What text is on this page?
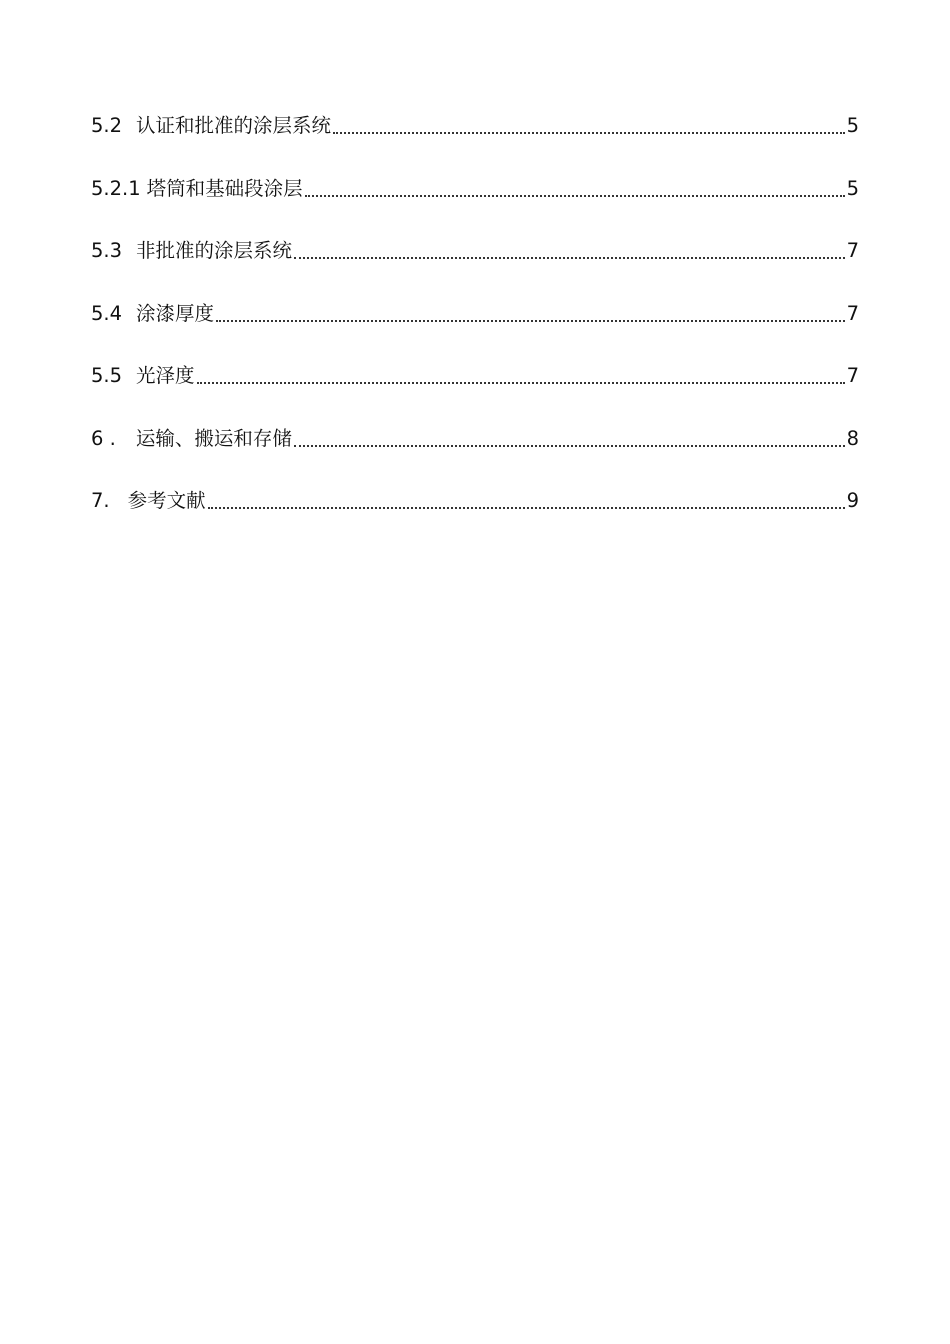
5.2 认证和批准的涂层系统	5
5.2.1 塔筒和基础段涂层	5
5.3 非批准的涂层系统	7
5.4 涂漆厚度	7
5.5 光泽度	7
6 . 运输、搬运和存储	8
7. 参考文献	9
